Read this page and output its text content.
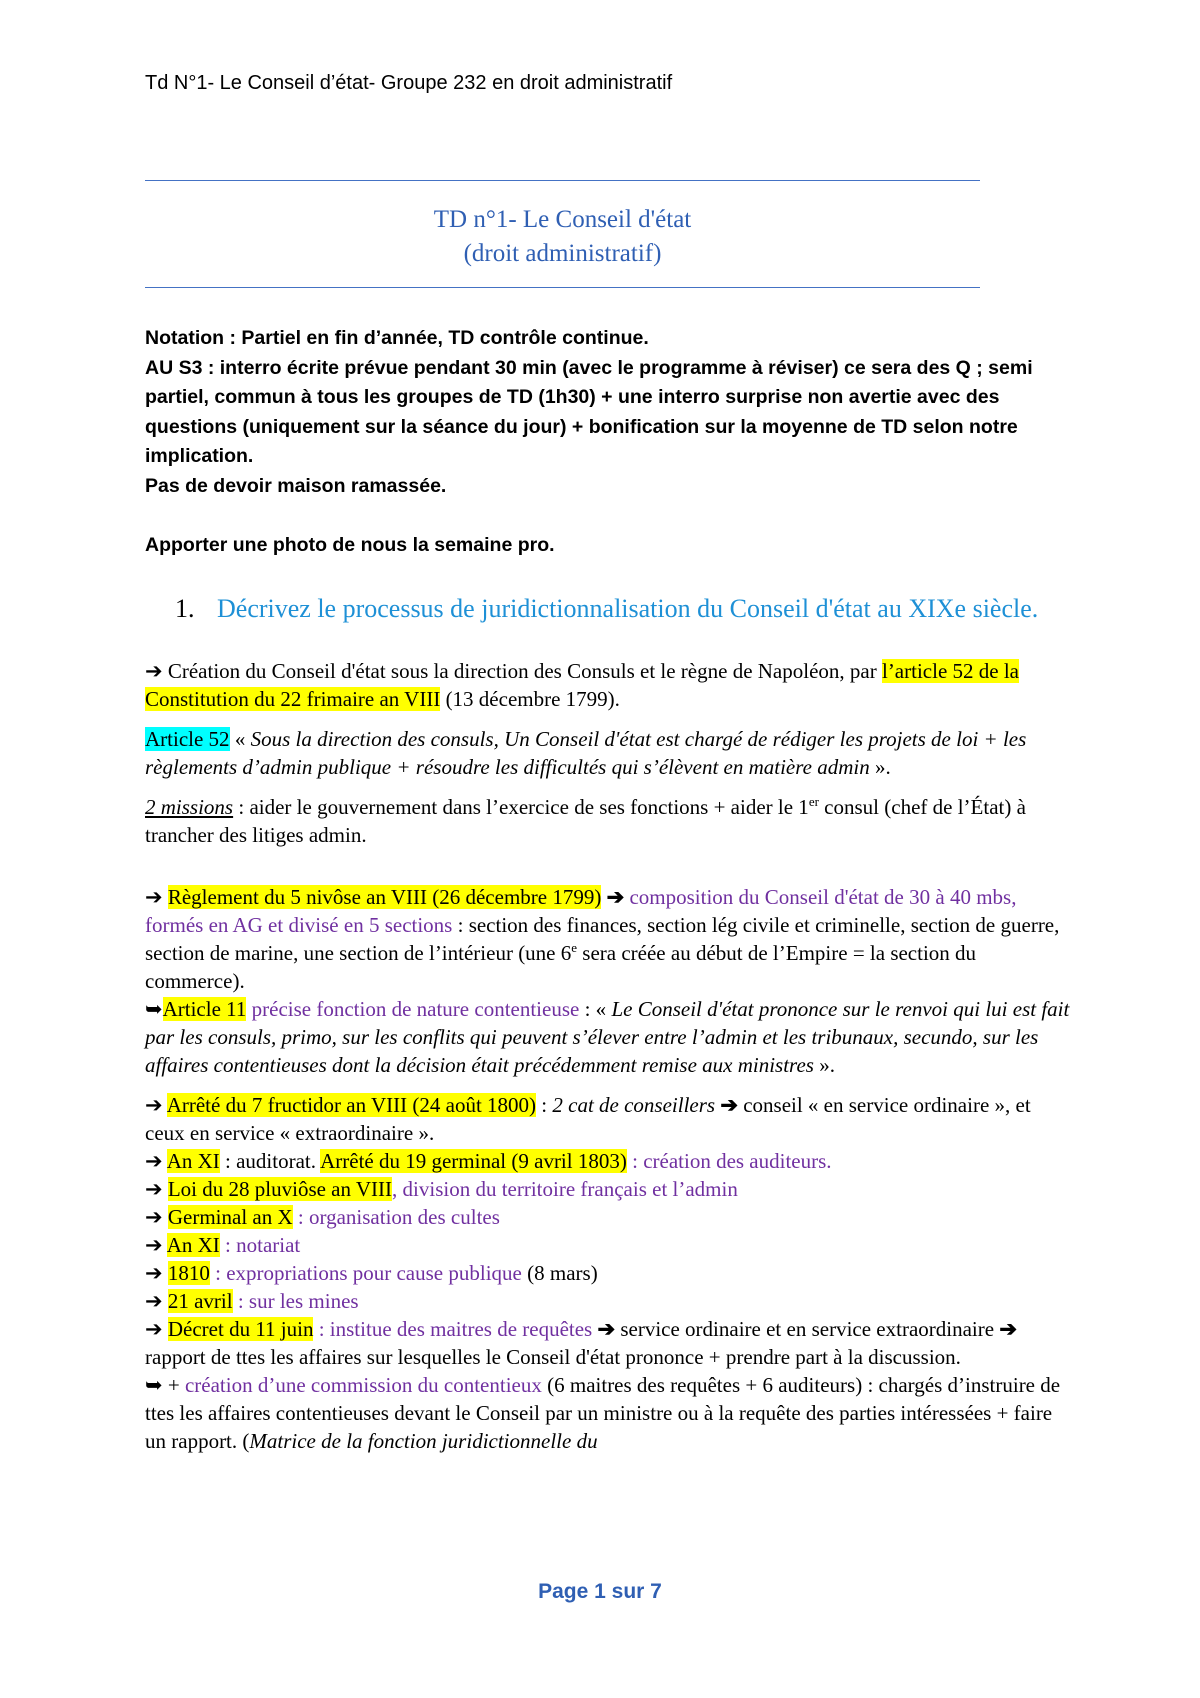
Td N°1- Le Conseil d’état- Groupe 232 en droit administratif
TD n°1- Le Conseil d'état
(droit administratif)

Notation : Partiel en fin d’année, TD contrôle continue.

AU S3 : interro écrite prévue pendant 30 min (avec le programme à réviser) ce sera des Q ; semi partiel, commun à tous les groupes de TD (1h30) + une interro surprise non avertie avec des questions (uniquement sur la séance du jour) + bonification sur la moyenne de TD selon notre implication.

Pas de devoir maison ramassée.

Apporter une photo de nous la semaine pro.

1. Décrivez le processus de juridictionnalisation du Conseil d'état au XIXe siècle.

➔ Création du Conseil d'état sous la direction des Consuls et le règne de Napoléon, par l’article 52 de la Constitution du 22 frimaire an VIII (13 décembre 1799).

Article 52 « Sous la direction des consuls, Un Conseil d'état est chargé de rédiger les projets de loi + les règlements d’admin publique + résoudre les difficultés qui s’élèvent en matière admin ».

2 missions : aider le gouvernement dans l’exercice de ses fonctions + aider le 1er consul (chef de l’État) à trancher des litiges admin.

➔ Règlement du 5 nivôse an VIII (26 décembre 1799) ➔ composition du Conseil d'état de 30 à 40 mbs, formés en AG et divisé en 5 sections : section des finances, section lég civile et criminelle, section de guerre, section de marine, une section de l’intérieur (une 6e sera créée au début de l’Empire = la section du commerce).

➥Article 11 précise fonction de nature contentieuse : « Le Conseil d'état prononce sur le renvoi qui lui est fait par les consuls, primo, sur les conflits qui peuvent s’élever entre l’admin et les tribunaux, secundo, sur les affaires contentieuses dont la décision était précédemment remise aux ministres ».

➔ Arrêté du 7 fructidor an VIII (24 août 1800) : 2 cat de conseillers ➔ conseil « en service ordinaire », et ceux en service « extraordinaire ».

➔ An XI : auditorat. Arrêté du 19 germinal (9 avril 1803) : création des auditeurs.

➔ Loi du 28 pluviôse an VIII, division du territoire français et l’admin

➔ Germinal an X : organisation des cultes

➔ An XI : notariat

➔ 1810 : expropriations pour cause publique (8 mars)

➔ 21 avril : sur les mines

➔ Décret du 11 juin : institue des maitres de requêtes ➔ service ordinaire et en service extraordinaire ➔ rapport de ttes les affaires sur lesquelles le Conseil d'état prononce + prendre part à la discussion.

➥ + création d’une commission du contentieux (6 maitres des requêtes + 6 auditeurs) : chargés d’instruire de ttes les affaires contentieuses devant le Conseil par un ministre ou à la requête des parties intéressées + faire un rapport. (Matrice de la fonction juridictionnelle du

Page 1 sur 7
